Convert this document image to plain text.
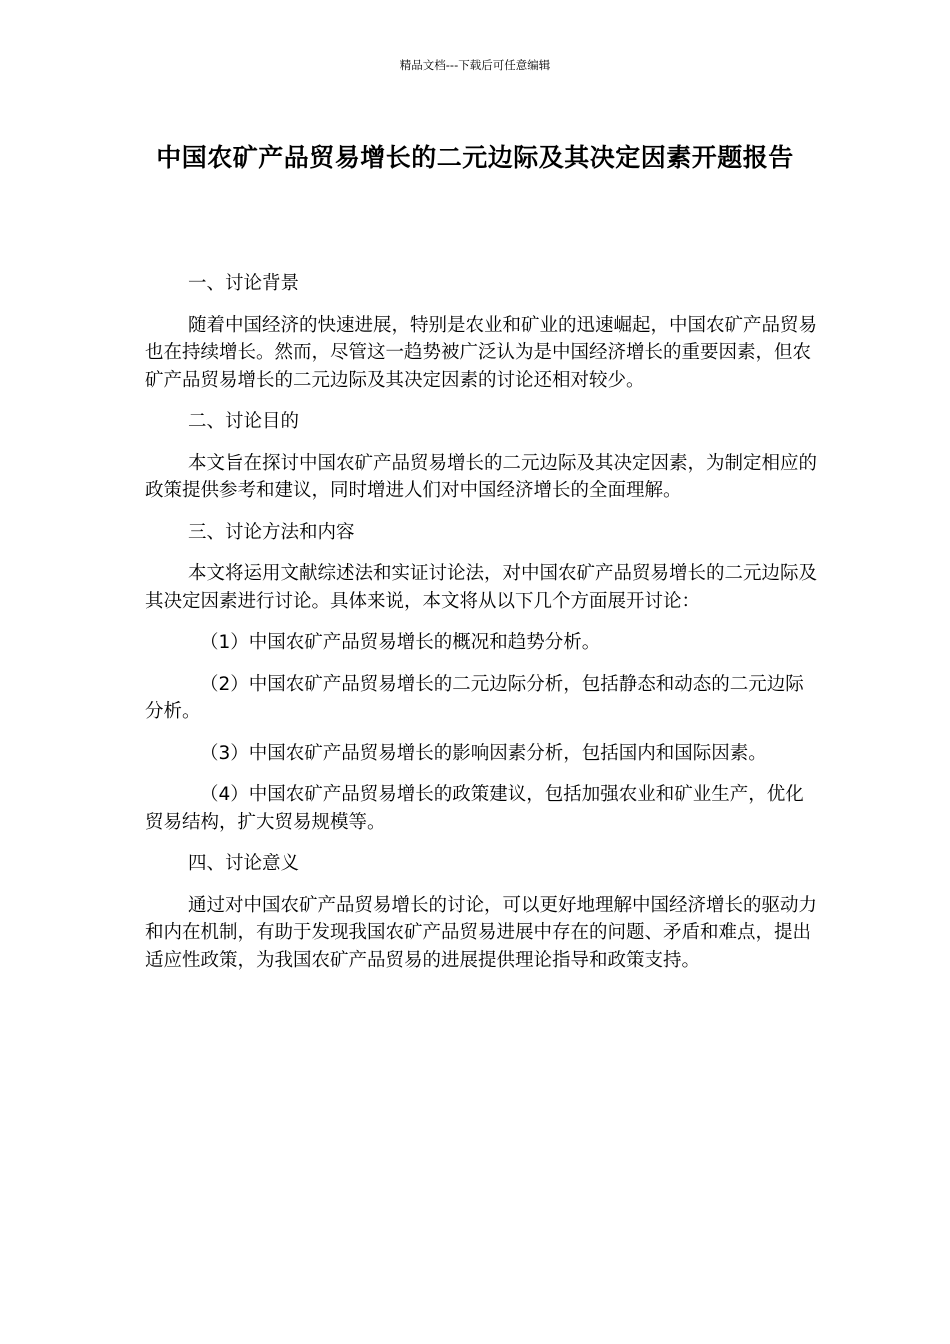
精品文档---下载后可任意编辑
中国农矿产品贸易增长的二元边际及其决定因素开题报告

一、讨论背景

随着中国经济的快速进展，特别是农业和矿业的迅速崛起，中国农矿产品贸易也在持续增长。然而，尽管这一趋势被广泛认为是中国经济增长的重要因素，但农矿产品贸易增长的二元边际及其决定因素的讨论还相对较少。

二、讨论目的

本文旨在探讨中国农矿产品贸易增长的二元边际及其决定因素，为制定相应的政策提供参考和建议，同时增进人们对中国经济增长的全面理解。

三、讨论方法和内容

本文将运用文献综述法和实证讨论法，对中国农矿产品贸易增长的二元边际及其决定因素进行讨论。具体来说，本文将从以下几个方面展开讨论：

（1）中国农矿产品贸易增长的概况和趋势分析。

（2）中国农矿产品贸易增长的二元边际分析，包括静态和动态的二元边际分析。

（3）中国农矿产品贸易增长的影响因素分析，包括国内和国际因素。

（4）中国农矿产品贸易增长的政策建议，包括加强农业和矿业生产，优化贸易结构，扩大贸易规模等。

四、讨论意义

通过对中国农矿产品贸易增长的讨论，可以更好地理解中国经济增长的驱动力和内在机制，有助于发现我国农矿产品贸易进展中存在的问题、矛盾和难点，提出适应性政策，为我国农矿产品贸易的进展提供理论指导和政策支持。
